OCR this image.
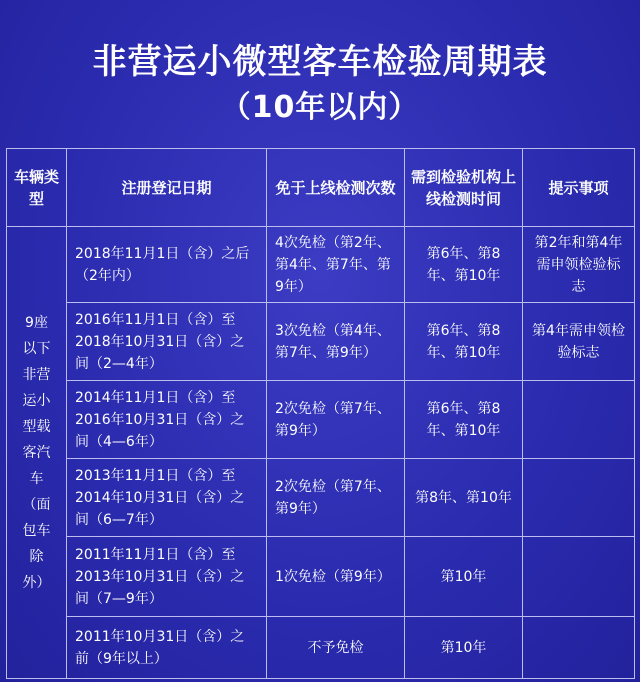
非营运小微型客车检验周期表
（10年以内）
车辆类型	注册登记日期	免于上线检测次数	需到检验机构上线检测时间	提示事项
9座以下非营运小型载客汽车（面包车除外）	2018年11月1日（含）之后（2年内）	4次免检（第2年、第4年、第7年、第9年）	第6年、第8年、第10年	第2年和第4年需申领检验标志
	2016年11月1日（含）至2018年10月31日（含）之间（2—4年）	3次免检（第4年、第7年、第9年）	第6年、第8年、第10年	第4年需申领检验标志
	2014年11月1日（含）至2016年10月31日（含）之间（4—6年）	2次免检（第7年、第9年）	第6年、第8年、第10年	
	2013年11月1日（含）至2014年10月31日（含）之间（6—7年）	2次免检（第7年、第9年）	第8年、第10年	
	2011年11月1日（含）至2013年10月31日（含）之间（7—9年）	1次免检（第9年）	第10年	
	2011年10月31日（含）之前（9年以上）	不予免检	第10年	
